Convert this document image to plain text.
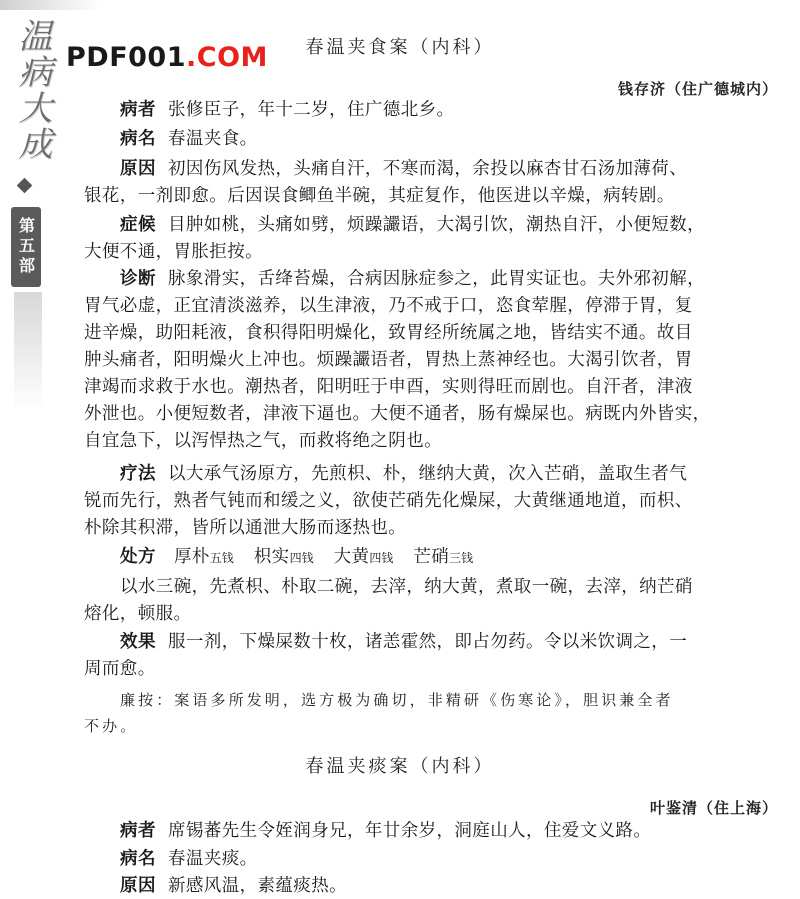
温病大成
第五部
PDF001.COM	春温夹食案（内科）
钱存济（住广德城内）
病者 张修臣子，年十二岁，住广德北乡。
病名 春温夹食。
原因 初因伤风发热，头痛自汗，不寒而渴，余投以麻杏甘石汤加薄荷、
银花，一剂即愈。后因误食鲫鱼半碗，其症复作，他医进以辛燥，病转剧。
症候 目肿如桃，头痛如劈，烦躁讝语，大渴引饮，潮热自汗，小便短数，
大便不通，胃胀拒按。
诊断 脉象滑实，舌绛苔燥，合病因脉症参之，此胃实证也。夫外邪初解，
胃气必虚，正宜清淡滋养，以生津液，乃不戒于口，恣食荤腥，停滞于胃，复
进辛燥，助阳耗液，食积得阳明燥化，致胃经所统属之地，皆结实不通。故目
肿头痛者，阳明燥火上冲也。烦躁讝语者，胃热上蒸神经也。大渴引饮者，胃
津竭而求救于水也。潮热者，阳明旺于申酉，实则得旺而剧也。自汗者，津液
外泄也。小便短数者，津液下逼也。大便不通者，肠有燥屎也。病既内外皆实，
自宜急下，以泻悍热之气，而救将绝之阴也。
疗法 以大承气汤原方，先煎枳、朴，继纳大黄，次入芒硝，盖取生者气
锐而先行，熟者气钝而和缓之义，欲使芒硝先化燥屎，大黄继通地道，而枳、
朴除其积滞，皆所以通泄大肠而逐热也。
处方 厚朴五钱 枳实四钱 大黄四钱 芒硝三钱
以水三碗，先煮枳、朴取二碗，去滓，纳大黄，煮取一碗，去滓，纳芒硝
熔化，顿服。
效果 服一剂，下燥屎数十枚，诸恙霍然，即占勿药。令以米饮调之，一
周而愈。
廉按：案语多所发明，选方极为确切，非精研《伤寒论》，胆识兼全者
不办。
春温夹痰案（内科）
叶鉴清（住上海）
病者 席锡蕃先生令姪润身兄，年廿余岁，洞庭山人，住爱文义路。
病名 春温夹痰。
原因 新感风温，素蕴痰热。
